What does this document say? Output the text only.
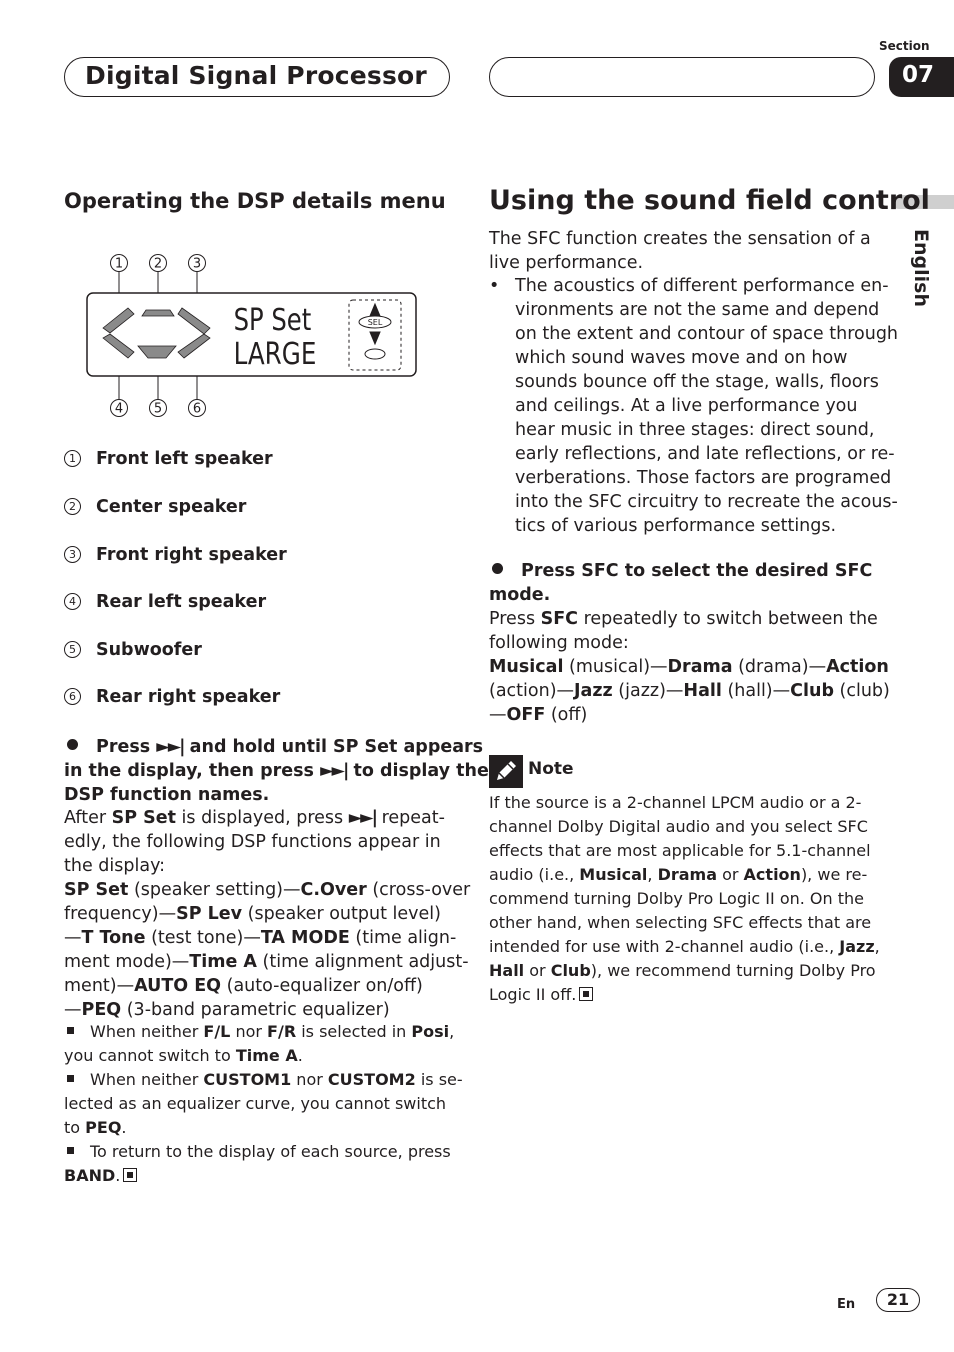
Digital Signal Processor
Section
07
English
Operating the DSP details menu
1 2 3
4 5 6
SP Set
LARGE
SEL
1 Front left speaker
2 Center speaker
3 Front right speaker
4 Rear left speaker
5 Subwoofer
6 Rear right speaker
Press ►►| and hold until SP Set appears
in the display, then press ►►| to display the
DSP function names.
After SP Set is displayed, press ►►| repeat-
edly, the following DSP functions appear in
the display:
SP Set (speaker setting)—C.Over (cross-over
frequency)—SP Lev (speaker output level)
—T Tone (test tone)—TA MODE (time align-
ment mode)—Time A (time alignment adjust-
ment)—AUTO EQ (auto-equalizer on/off)
—PEQ (3-band parametric equalizer)
When neither F/L nor F/R is selected in Posi,
you cannot switch to Time A.
When neither CUSTOM1 nor CUSTOM2 is se-
lected as an equalizer curve, you cannot switch
to PEQ.
To return to the display of each source, press
BAND.
Using the sound field control
The SFC function creates the sensation of a
live performance.
• The acoustics of different performance en-
vironments are not the same and depend
on the extent and contour of space through
which sound waves move and on how
sounds bounce off the stage, walls, floors
and ceilings. At a live performance you
hear music in three stages: direct sound,
early reflections, and late reflections, or re-
verberations. Those factors are programed
into the SFC circuitry to recreate the acous-
tics of various performance settings.
Press SFC to select the desired SFC
mode.
Press SFC repeatedly to switch between the
following mode:
Musical (musical)—Drama (drama)—Action
(action)—Jazz (jazz)—Hall (hall)—Club (club)
—OFF (off)
Note
If the source is a 2-channel LPCM audio or a 2-
channel Dolby Digital audio and you select SFC
effects that are most applicable for 5.1-channel
audio (i.e., Musical, Drama or Action), we re-
commend turning Dolby Pro Logic II on. On the
other hand, when selecting SFC effects that are
intended for use with 2-channel audio (i.e., Jazz,
Hall or Club), we recommend turning Dolby Pro
Logic II off.
En	21
